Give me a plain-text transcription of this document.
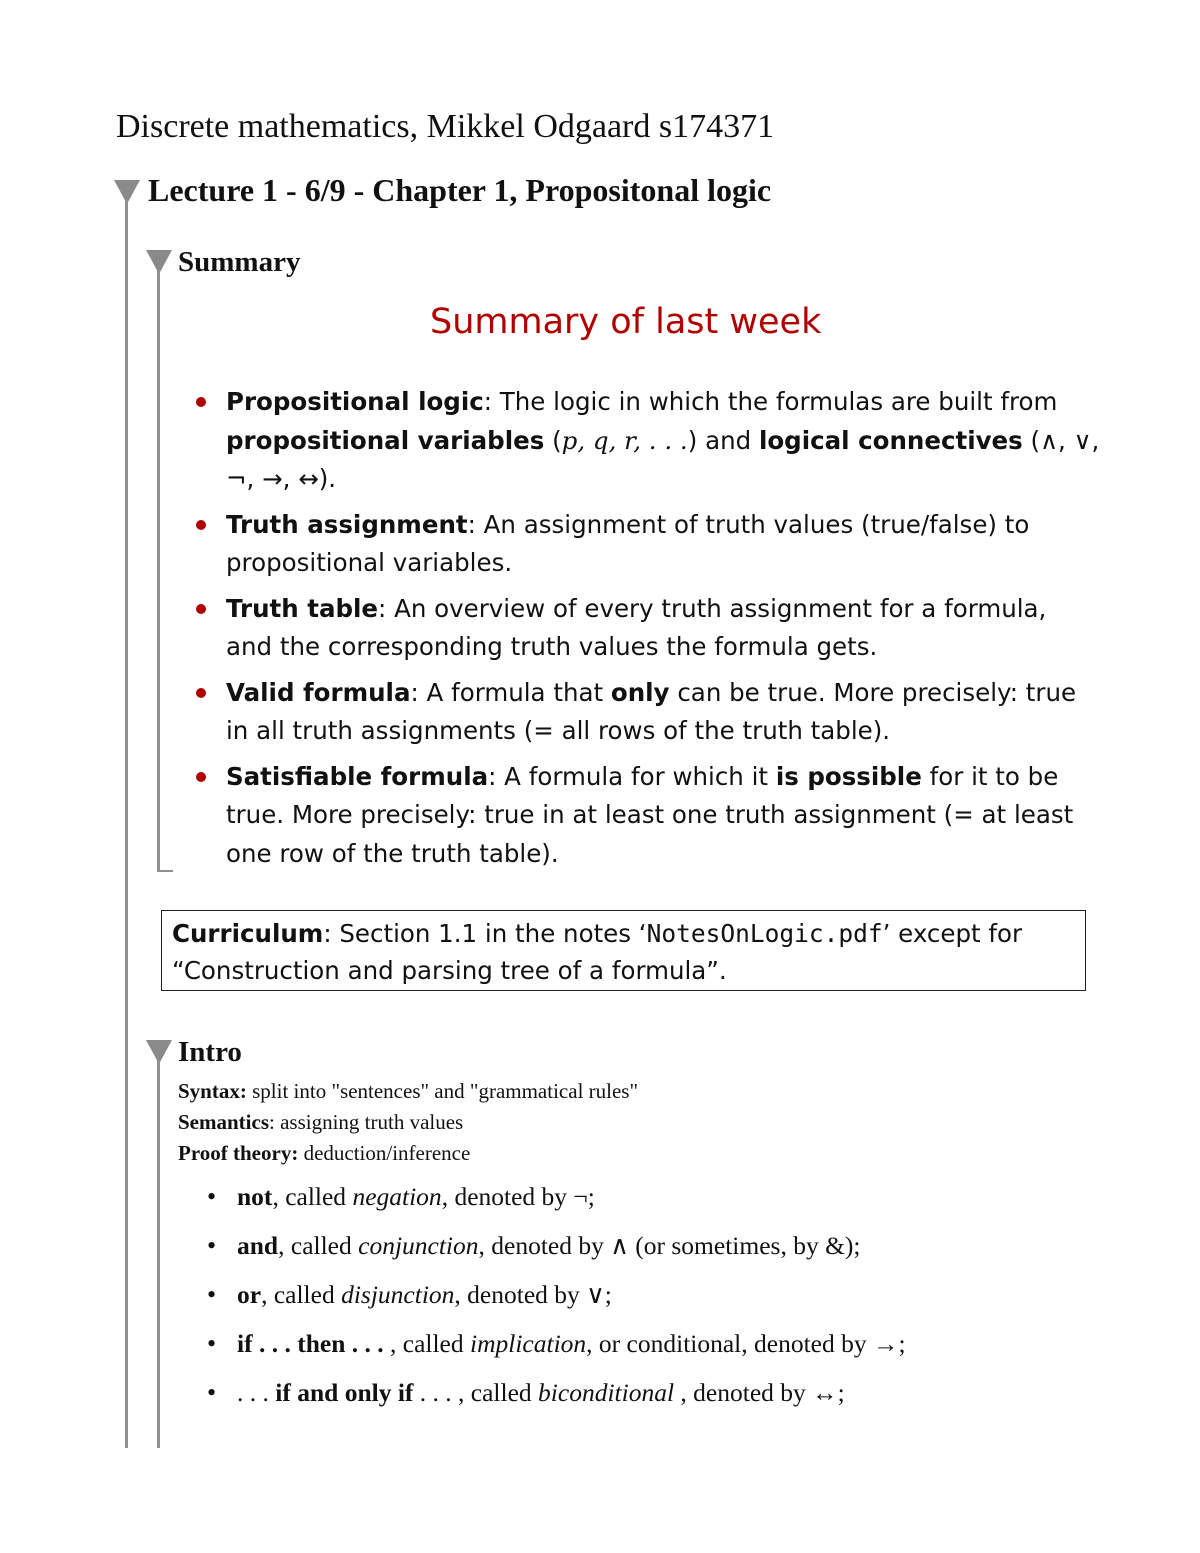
Discrete mathematics, Mikkel Odgaard s174371
Lecture 1 - 6/9 - Chapter 1, Propositonal logic
Summary
Summary of last week
Propositional logic: The logic in which the formulas are built from propositional variables (p, q, r, . . .) and logical connectives (∧, ∨, ¬, →, ↔).
Truth assignment: An assignment of truth values (true/false) to propositional variables.
Truth table: An overview of every truth assignment for a formula, and the corresponding truth values the formula gets.
Valid formula: A formula that only can be true. More precisely: true in all truth assignments (= all rows of the truth table).
Satisfiable formula: A formula for which it is possible for it to be true. More precisely: true in at least one truth assignment (= at least one row of the truth table).
Curriculum: Section 1.1 in the notes ‘NotesOnLogic.pdf’ except for “Construction and parsing tree of a formula”.
Intro
Syntax: split into "sentences" and "grammatical rules"
Semantics: assigning truth values
Proof theory: deduction/inference
• not, called negation, denoted by ¬;
• and, called conjunction, denoted by ∧ (or sometimes, by &);
• or, called disjunction, denoted by ∨;
• if . . . then . . . , called implication, or conditional, denoted by →;
• . . . if and only if . . . , called biconditional , denoted by ↔;
